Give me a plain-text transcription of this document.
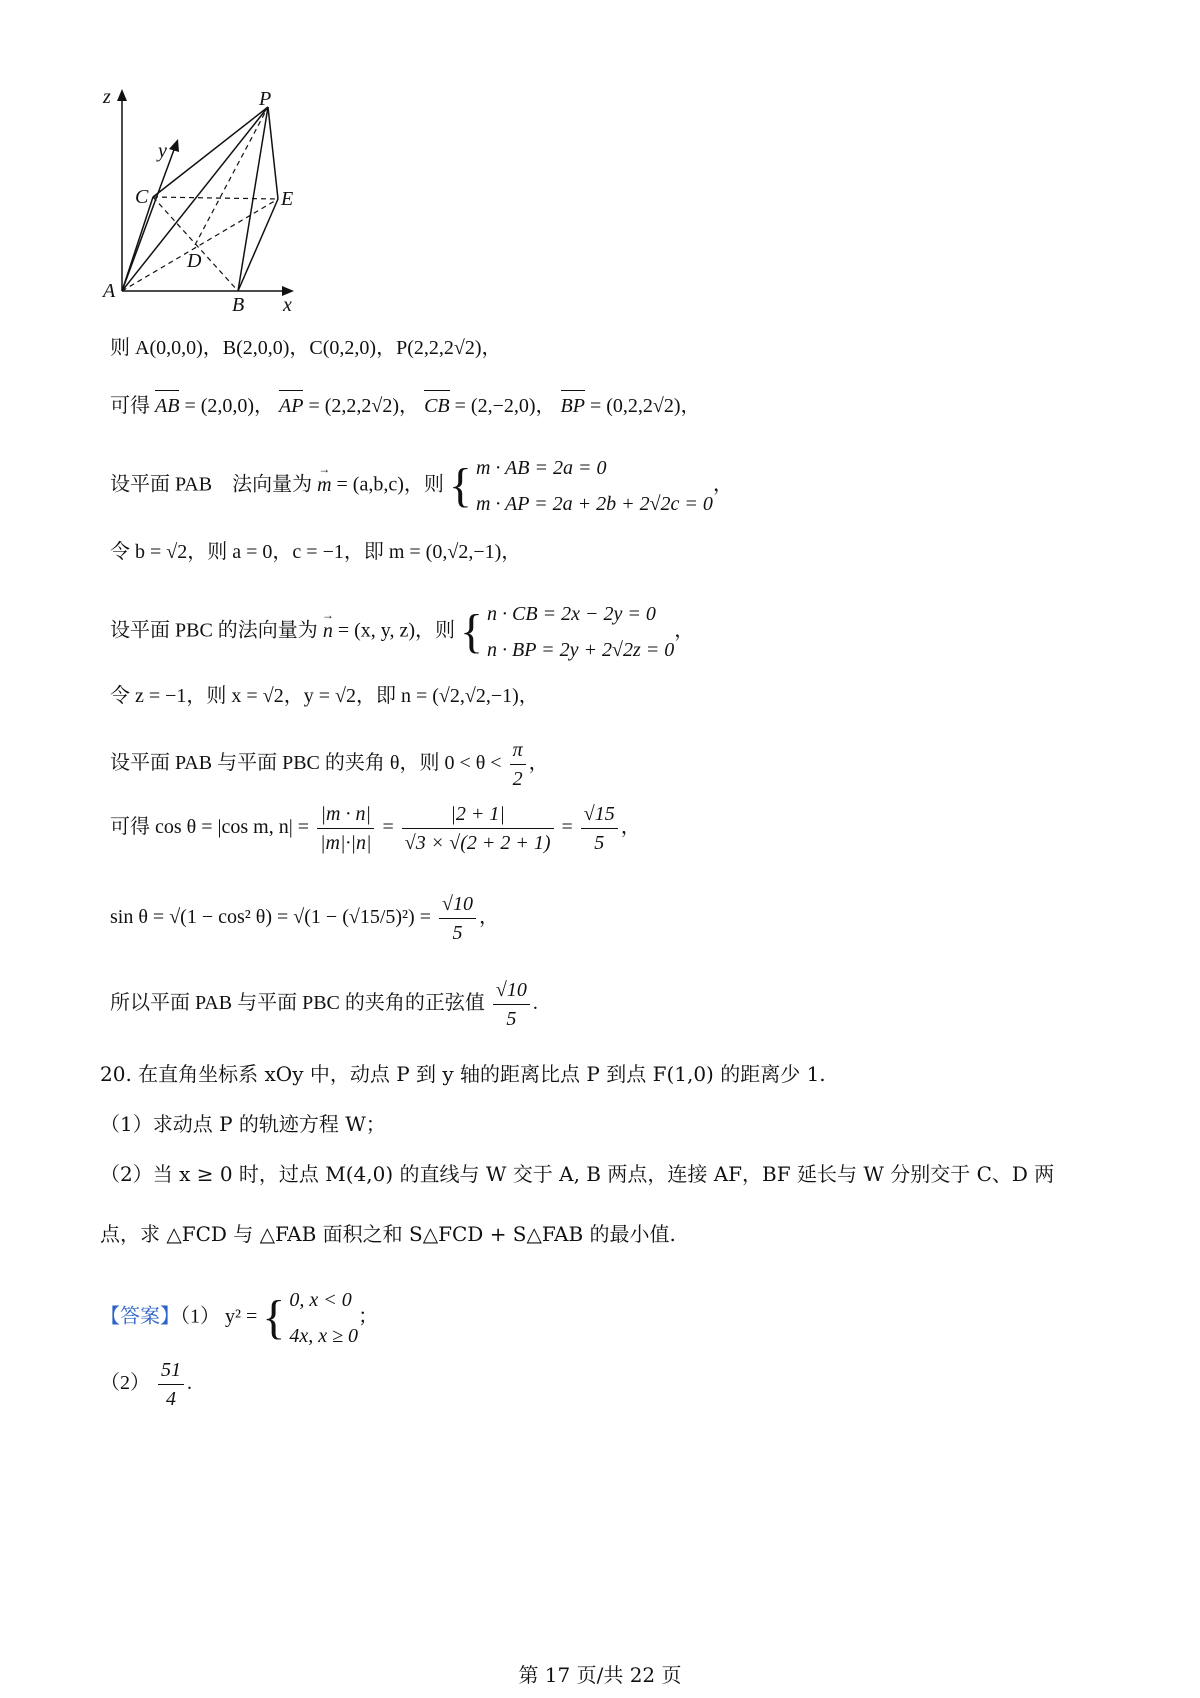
z
y
x
P
C	E
D
A
B
则 A(0,0,0)，B(2,0,0)，C(0,2,0)，P(2,2,2√2)，
可得 AB = (2,0,0)， AP = (2,2,2√2)， CB = (2,−2,0)， BP = (0,2,2√2)，
设平面 PAB　法向量为 m → = (a,b,c)，则 { m · AB = 2a = 0
m · AP = 2a + 2b + 2√2c = 0
，
令 b = √2，则 a = 0，c = −1，即 m = (0,√2,−1)，
设平面 PBC 的法向量为 n → = (x, y, z)，则 { n · CB = 2x − 2y = 0
n · BP = 2y + 2√2z = 0
，
令 z = −1，则 x = √2，y = √2，即 n = (√2,√2,−1)，
设平面 PAB 与平面 PBC 的夹角 θ，则 $0 < \theta < \frac{\pi}{2}$ ，
可得 cos θ = |cos m, $n| = \frac{|m \cdot n|}{|m|\cdot|n|} = \frac{|2 + 1|}{√3 \times √(2 + 2 + 1)} = \frac{√15}{5}$ ，
sin θ = √(1 − cos² $\theta) = √(1 - (√15/5)^2) = \frac{√10}{5}$ ，
所以平面 PAB 与平面 PBC 的夹角的正弦值 $\frac{√10}{5}$ .
20. 在直角坐标系 xOy 中，动点 P 到 y 轴的距离比点 P 到点 F(1,0) 的距离少 1.
（1）求动点 P 的轨迹方程 W；
（2）当 x ≥ 0 时，过点 M(4,0) 的直线与 W 交于 A, B 两点，连接 AF，BF 延长与 W 分别交于 C、D 两
点，求 △FCD 与 △FAB 面积之和 S△FCD + S△FAB 的最小值.
【答案】（1） y² = { 0, x < 0
4x, x ≥ 0
；
$(2) \frac{51}{4}$ .
第 17 页/共 22 页
